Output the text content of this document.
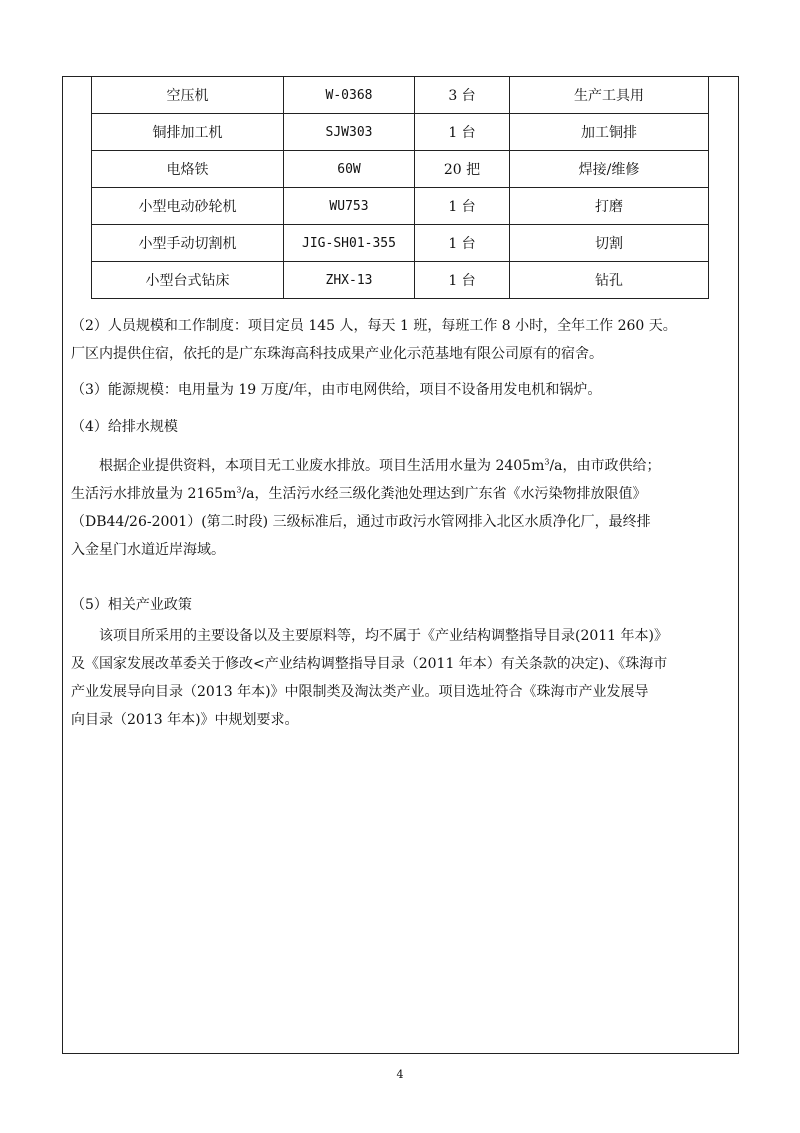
空压机	W-0368	3 台	生产工具用
铜排加工机	SJW303	1 台	加工铜排
电烙铁	60W	20 把	焊接/维修
小型电动砂轮机	WU753	1 台	打磨
小型手动切割机	JIG-SH01-355	1 台	切割
小型台式钻床	ZHX-13	1 台	钻孔
（2）人员规模和工作制度：项目定员 145 人，每天 1 班，每班工作 8 小时，全年工作 260 天。
厂区内提供住宿，依托的是广东珠海高科技成果产业化示范基地有限公司原有的宿舍。
（3）能源规模：电用量为 19 万度/年，由市电网供给，项目不设备用发电机和锅炉。
（4）给排水规模
根据企业提供资料，本项目无工业废水排放。项目生活用水量为 $2405m^3/a$，由市政供给；
生活污水排放量为 $2165m^3/a$，生活污水经三级化粪池处理达到广东省《水污染物排放限值》
（DB44/26-2001）(第二时段) 三级标准后，通过市政污水管网排入北区水质净化厂，最终排
入金星门水道近岸海域。
（5）相关产业政策
该项目所采用的主要设备以及主要原料等，均不属于《产业结构调整指导目录(2011 年本)》
及《国家发展改革委关于修改<产业结构调整指导目录（2011 年本）有关条款的决定)、《珠海市
产业发展导向目录（2013 年本)》中限制类及淘汰类产业。项目选址符合《珠海市产业发展导
向目录（2013 年本)》中规划要求。
4
